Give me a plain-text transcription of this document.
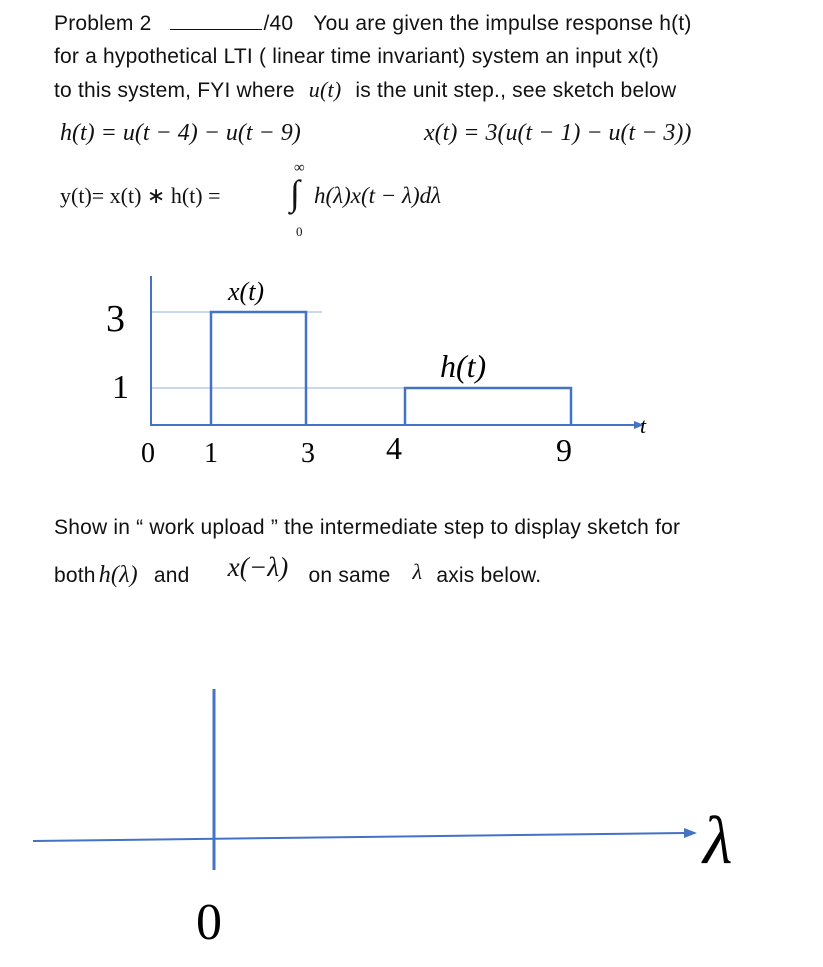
Problem 2	/40 You are given the impulse response h(t)
for a hypothetical LTI ( linear time invariant) system an input x(t)
to this system, FYI where u(t) is the unit step., see sketch below
h(t) = u(t − 4) − u(t − 9)	x(t) = 3(u(t − 1) − u(t − 3))
y(t)= x(t) ∗ h(t) =
∞
∫
0
h(λ)x(t − λ)dλ
x(t)
h(t)
t
3
1
0 1	3 4	9
Show in “ work upload ” the intermediate step to display sketch for
both h(λ) and x(−λ) on same λ axis below.
0
λ
